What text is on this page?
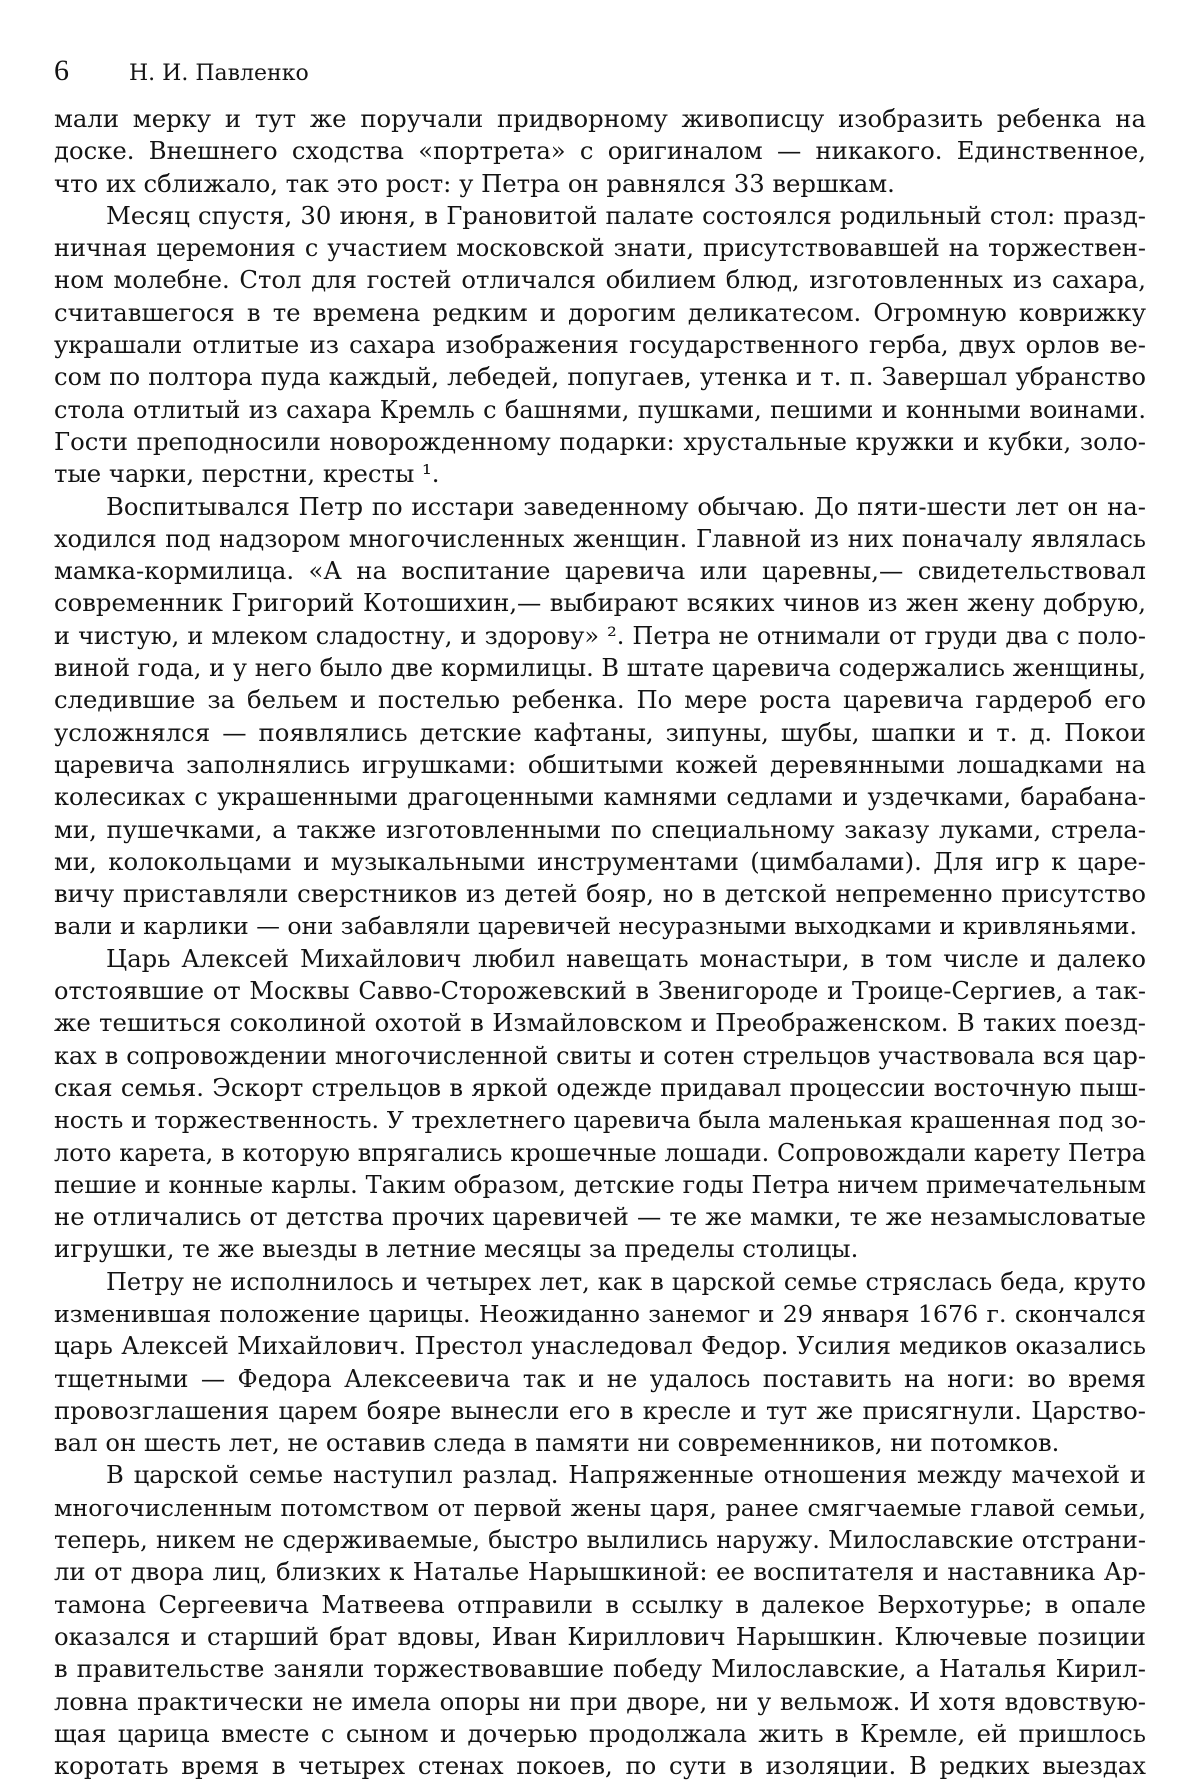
6	Н. И. Павленко
мали мерку и тут же поручали придворному живописцу изобразить ребенка на
доске. Внешнего сходства «портрета» с оригиналом — никакого. Единственное,
что их сближало, так это рост: у Петра он равнялся 33 вершкам.
Месяц спустя, 30 июня, в Грановитой палате состоялся родильный стол: празд-
ничная церемония с участием московской знати, присутствовавшей на торжествен-
ном молебне. Стол для гостей отличался обилием блюд, изготовленных из сахара,
считавшегося в те времена редким и дорогим деликатесом. Огромную коврижку
украшали отлитые из сахара изображения государственного герба, двух орлов ве-
сом по полтора пуда каждый, лебедей, попугаев, утенка и т. п. Завершал убранство
стола отлитый из сахара Кремль с башнями, пушками, пешими и конными воинами.
Гости преподносили новорожденному подарки: хрустальные кружки и кубки, золо-
тые чарки, перстни, кресты ¹.
Воспитывался Петр по исстари заведенному обычаю. До пяти-шести лет он на-
ходился под надзором многочисленных женщин. Главной из них поначалу являлась
мамка-кормилица. «А на воспитание царевича или царевны,— свидетельствовал
современник Григорий Котошихин,— выбирают всяких чинов из жен жену добрую,
и чистую, и млеком сладостну, и здорову» ². Петра не отнимали от груди два с поло-
виной года, и у него было две кормилицы. В штате царевича содержались женщины,
следившие за бельем и постелью ребенка. По мере роста царевича гардероб его
усложнялся — появлялись детские кафтаны, зипуны, шубы, шапки и т. д. Покои
царевича заполнялись игрушками: обшитыми кожей деревянными лошадками на
колесиках с украшенными драгоценными камнями седлами и уздечками, барабана-
ми, пушечками, а также изготовленными по специальному заказу луками, стрела-
ми, колокольцами и музыкальными инструментами (цимбалами). Для игр к царе-
вичу приставляли сверстников из детей бояр, но в детской непременно присутство
вали и карлики — они забавляли царевичей несуразными выходками и кривляньями.
Царь Алексей Михайлович любил навещать монастыри, в том числе и далеко
отстоявшие от Москвы Савво-Сторожевский в Звенигороде и Троице-Сергиев, а так-
же тешиться соколиной охотой в Измайловском и Преображенском. В таких поезд-
ках в сопровождении многочисленной свиты и сотен стрельцов участвовала вся цар-
ская семья. Эскорт стрельцов в яркой одежде придавал процессии восточную пыш-
ность и торжественность. У трехлетнего царевича была маленькая крашенная под зо-
лото карета, в которую впрягались крошечные лошади. Сопровождали карету Петра
пешие и конные карлы. Таким образом, детские годы Петра ничем примечательным
не отличались от детства прочих царевичей — те же мамки, те же незамысловатые
игрушки, те же выезды в летние месяцы за пределы столицы.
Петру не исполнилось и четырех лет, как в царской семье стряслась беда, круто
изменившая положение царицы. Неожиданно занемог и 29 января 1676 г. скончался
царь Алексей Михайлович. Престол унаследовал Федор. Усилия медиков оказались
тщетными — Федора Алексеевича так и не удалось поставить на ноги: во время
провозглашения царем бояре вынесли его в кресле и тут же присягнули. Царство-
вал он шесть лет, не оставив следа в памяти ни современников, ни потомков.
В царской семье наступил разлад. Напряженные отношения между мачехой и
многочисленным потомством от первой жены царя, ранее смягчаемые главой семьи,
теперь, никем не сдерживаемые, быстро вылились наружу. Милославские отстрани-
ли от двора лиц, близких к Наталье Нарышкиной: ее воспитателя и наставника Ар-
тамона Сергеевича Матвеева отправили в ссылку в далекое Верхотурье; в опале
оказался и старший брат вдовы, Иван Кириллович Нарышкин. Ключевые позиции
в правительстве заняли торжествовавшие победу Милославские, а Наталья Кирил-
ловна практически не имела опоры ни при дворе, ни у вельмож. И хотя вдовствую-
щая царица вместе с сыном и дочерью продолжала жить в Кремле, ей пришлось
коротать время в четырех стенах покоев, по сути в изоляции. В редких выездах
